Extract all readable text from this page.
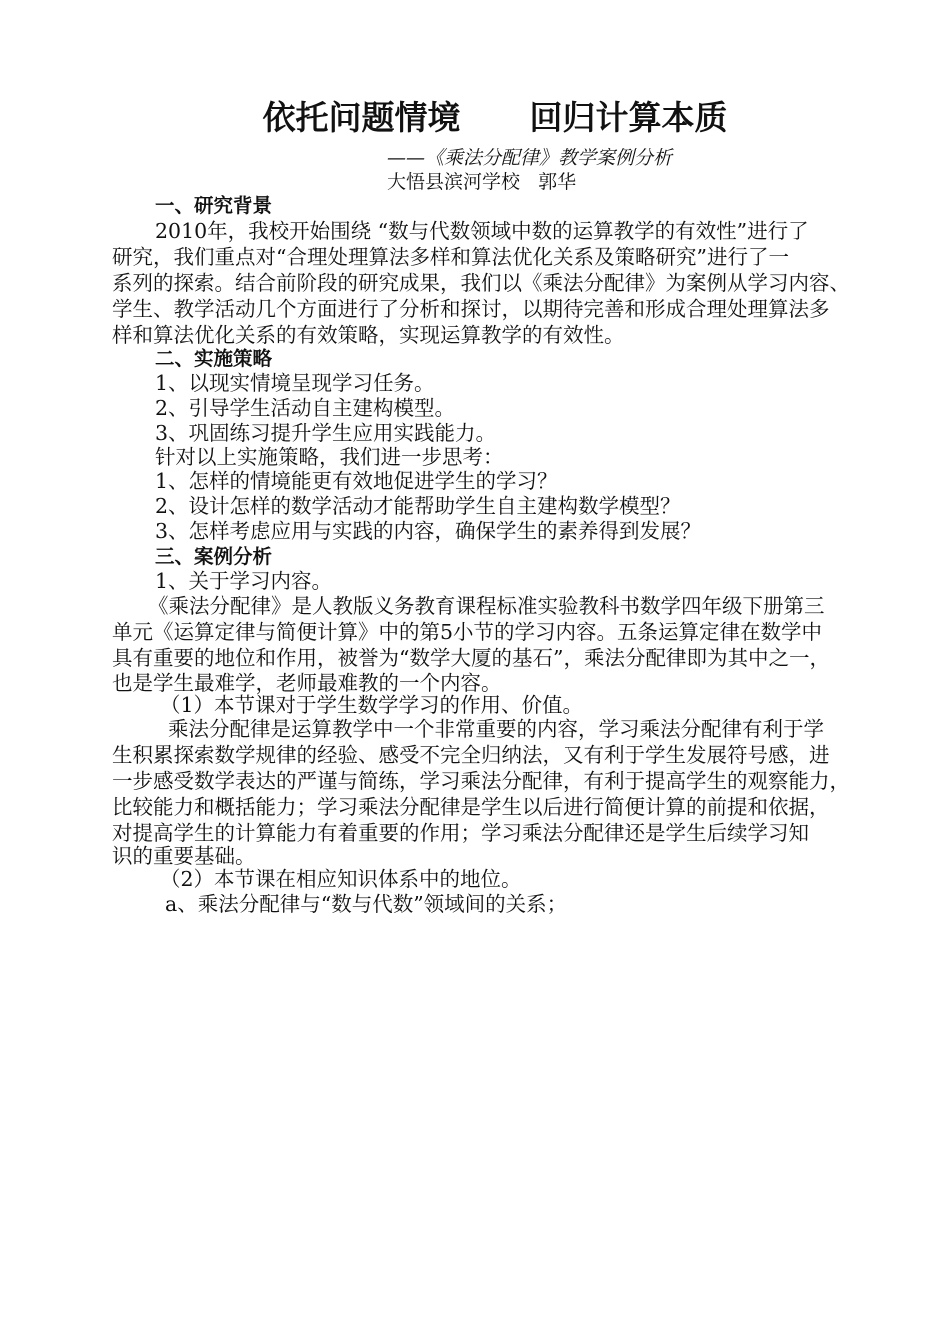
依托问题情境      回归计算本质

——《乘法分配律》教学案例分析

大悟县滨河学校   郭华

一、研究背景

2010年，我校开始围绕 “数与代数领域中数的运算教学的有效性”进行了

研究，我们重点对“合理处理算法多样和算法优化关系及策略研究”进行了一

系列的探索。结合前阶段的研究成果，我们以《乘法分配律》为案例从学习内容、

学生、教学活动几个方面进行了分析和探讨，以期待完善和形成合理处理算法多

样和算法优化关系的有效策略，实现运算教学的有效性。

二、实施策略

1、以现实情境呈现学习任务。

2、引导学生活动自主建构模型。

3、巩固练习提升学生应用实践能力。

针对以上实施策略，我们进一步思考：

1、怎样的情境能更有效地促进学生的学习？

2、设计怎样的数学活动才能帮助学生自主建构数学模型？

3、怎样考虑应用与实践的内容，确保学生的素养得到发展？

三、案例分析

1、关于学习内容。

《乘法分配律》是人教版义务教育课程标准实验教科书数学四年级下册第三

单元《运算定律与简便计算》中的第5小节的学习内容。五条运算定律在数学中

具有重要的地位和作用，被誉为“数学大厦的基石”，乘法分配律即为其中之一，

也是学生最难学，老师最难教的一个内容。

（1）本节课对于学生数学学习的作用、价值。

乘法分配律是运算教学中一个非常重要的内容，学习乘法分配律有利于学

生积累探索数学规律的经验、感受不完全归纳法，又有利于学生发展符号感，进

一步感受数学表达的严谨与简练，学习乘法分配律，有利于提高学生的观察能力，

比较能力和概括能力；学习乘法分配律是学生以后进行简便计算的前提和依据，

对提高学生的计算能力有着重要的作用；学习乘法分配律还是学生后续学习知

识的重要基础。

（2）本节课在相应知识体系中的地位。

a、乘法分配律与“数与代数”领域间的关系；
